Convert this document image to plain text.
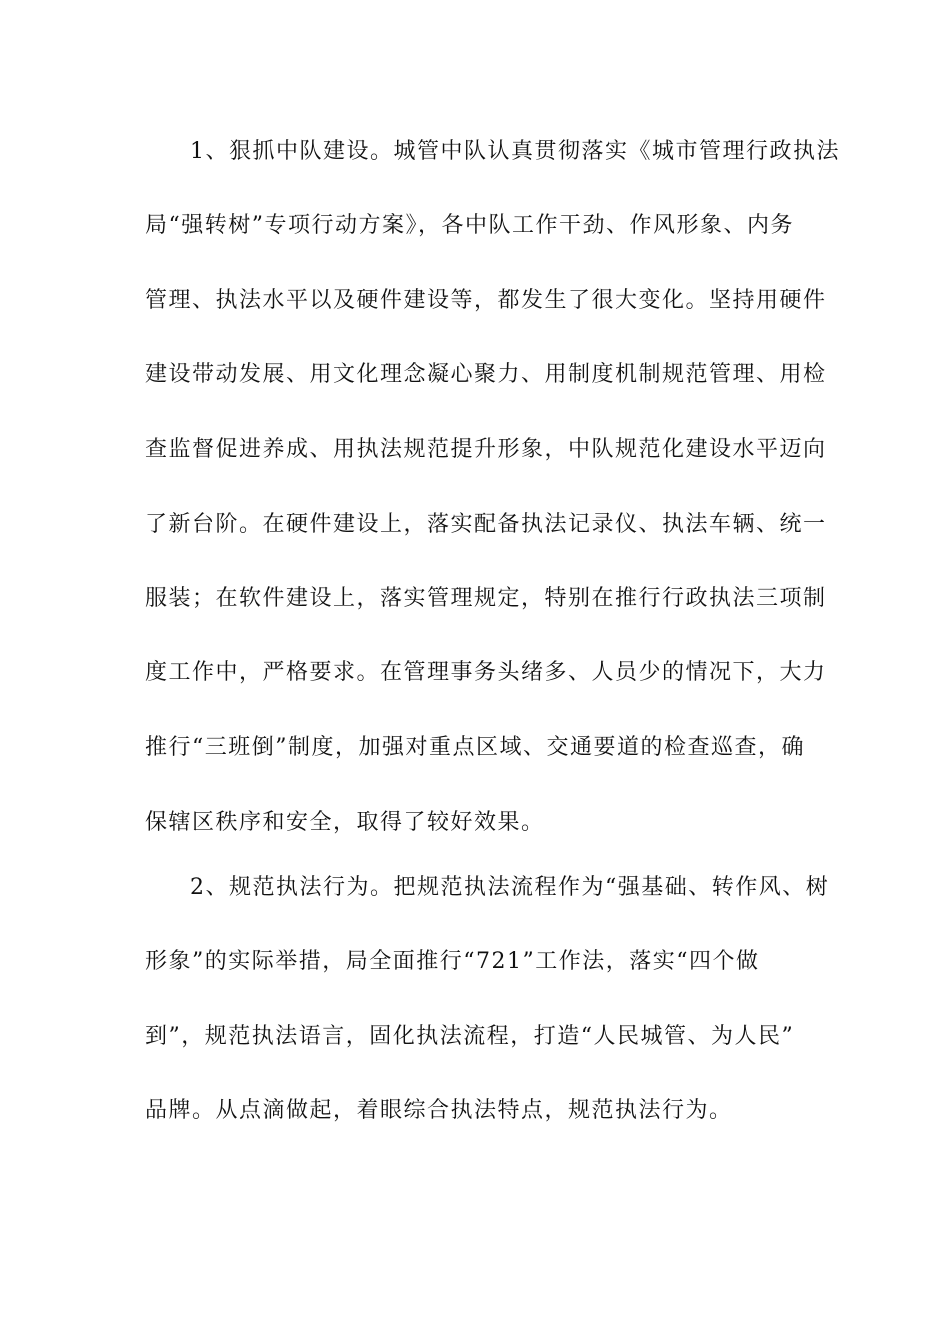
1、狠抓中队建设。城管中队认真贯彻落实《城市管理行政执法
局“强转树”专项行动方案》，各中队工作干劲、作风形象、内务
管理、执法水平以及硬件建设等，都发生了很大变化。坚持用硬件
建设带动发展、用文化理念凝心聚力、用制度机制规范管理、用检
查监督促进养成、用执法规范提升形象，中队规范化建设水平迈向
了新台阶。在硬件建设上，落实配备执法记录仪、执法车辆、统一
服装；在软件建设上，落实管理规定，特别在推行行政执法三项制
度工作中，严格要求。在管理事务头绪多、人员少的情况下，大力
推行“三班倒”制度，加强对重点区域、交通要道的检查巡查，确
保辖区秩序和安全，取得了较好效果。
2、规范执法行为。把规范执法流程作为“强基础、转作风、树
形象”的实际举措，局全面推行“721”工作法，落实“四个做
到”，规范执法语言，固化执法流程，打造“人民城管、为人民”
品牌。从点滴做起，着眼综合执法特点，规范执法行为。
